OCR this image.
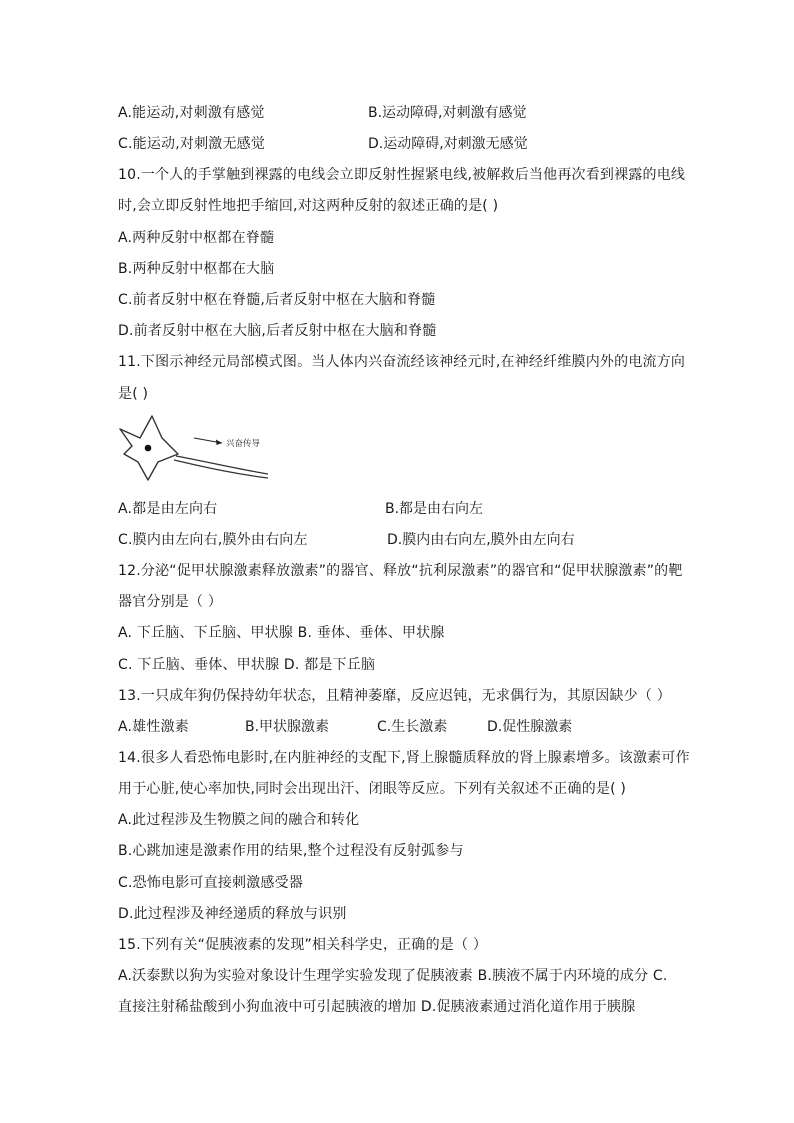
A.能运动,对刺激有感觉	B.运动障碍,对刺激有感觉
C.能运动,对刺激无感觉	D.运动障碍,对刺激无感觉
10.一个人的手掌触到裸露的电线会立即反射性握紧电线,被解救后当他再次看到裸露的电线
时,会立即反射性地把手缩回,对这两种反射的叙述正确的是( )
A.两种反射中枢都在脊髓
B.两种反射中枢都在大脑
C.前者反射中枢在脊髓,后者反射中枢在大脑和脊髓
D.前者反射中枢在大脑,后者反射中枢在大脑和脊髓
11.下图示神经元局部模式图。当人体内兴奋流经该神经元时,在神经纤维膜内外的电流方向
是( )
兴奋传导
A.都是由左向右	B.都是由右向左
C.膜内由左向右,膜外由右向左	D.膜内由右向左,膜外由左向右
12.分泌“促甲状腺激素释放激素”的器官、释放“抗利尿激素”的器官和“促甲状腺激素”的靶
器官分别是（ ）
A. 下丘脑、下丘脑、甲状腺 B. 垂体、垂体、甲状腺
C. 下丘脑、垂体、甲状腺 D. 都是下丘脑
13.一只成年狗仍保持幼年状态，且精神萎靡，反应迟钝，无求偶行为，其原因缺少（ ）
A.雄性激素	B.甲状腺激素	C.生长激素	D.促性腺激素
14.很多人看恐怖电影时,在内脏神经的支配下,肾上腺髓质释放的肾上腺素增多。该激素可作
用于心脏,使心率加快,同时会出现出汗、闭眼等反应。下列有关叙述不正确的是( )
A.此过程涉及生物膜之间的融合和转化
B.心跳加速是激素作用的结果,整个过程没有反射弧参与
C.恐怖电影可直接刺激感受器
D.此过程涉及神经递质的释放与识别
15.下列有关“促胰液素的发现”相关科学史，正确的是（ ）
A.沃泰默以狗为实验对象设计生理学实验发现了促胰液素 B.胰液不属于内环境的成分 C.
直接注射稀盐酸到小狗血液中可引起胰液的增加 D.促胰液素通过消化道作用于胰腺
